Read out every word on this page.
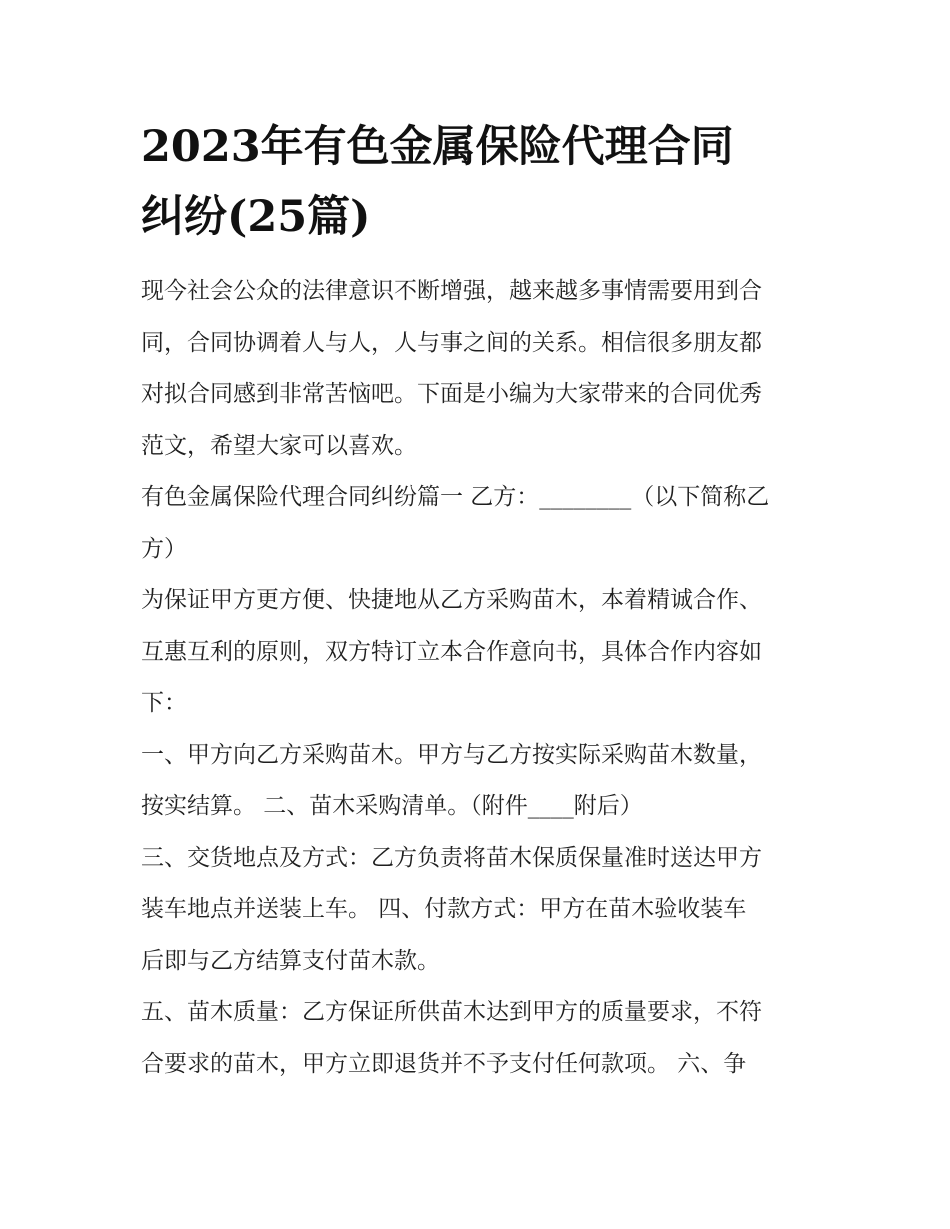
2023年有色金属保险代理合同
纠纷(25篇)

现今社会公众的法律意识不断增强，越来越多事情需要用到合
同，合同协调着人与人，人与事之间的关系。相信很多朋友都
对拟合同感到非常苦恼吧。下面是小编为大家带来的合同优秀
范文，希望大家可以喜欢。

有色金属保险代理合同纠纷篇一 乙方：________（以下简称乙
方）

为保证甲方更方便、快捷地从乙方采购苗木，本着精诚合作、
互惠互利的原则，双方特订立本合作意向书，具体合作内容如
下：

一、甲方向乙方采购苗木。甲方与乙方按实际采购苗木数量，
按实结算。 二、苗木采购清单。（附件____附后）

三、交货地点及方式：乙方负责将苗木保质保量准时送达甲方
装车地点并送装上车。 四、付款方式：甲方在苗木验收装车
后即与乙方结算支付苗木款。

五、苗木质量：乙方保证所供苗木达到甲方的质量要求，不符
合要求的苗木，甲方立即退货并不予支付任何款项。 六、争
